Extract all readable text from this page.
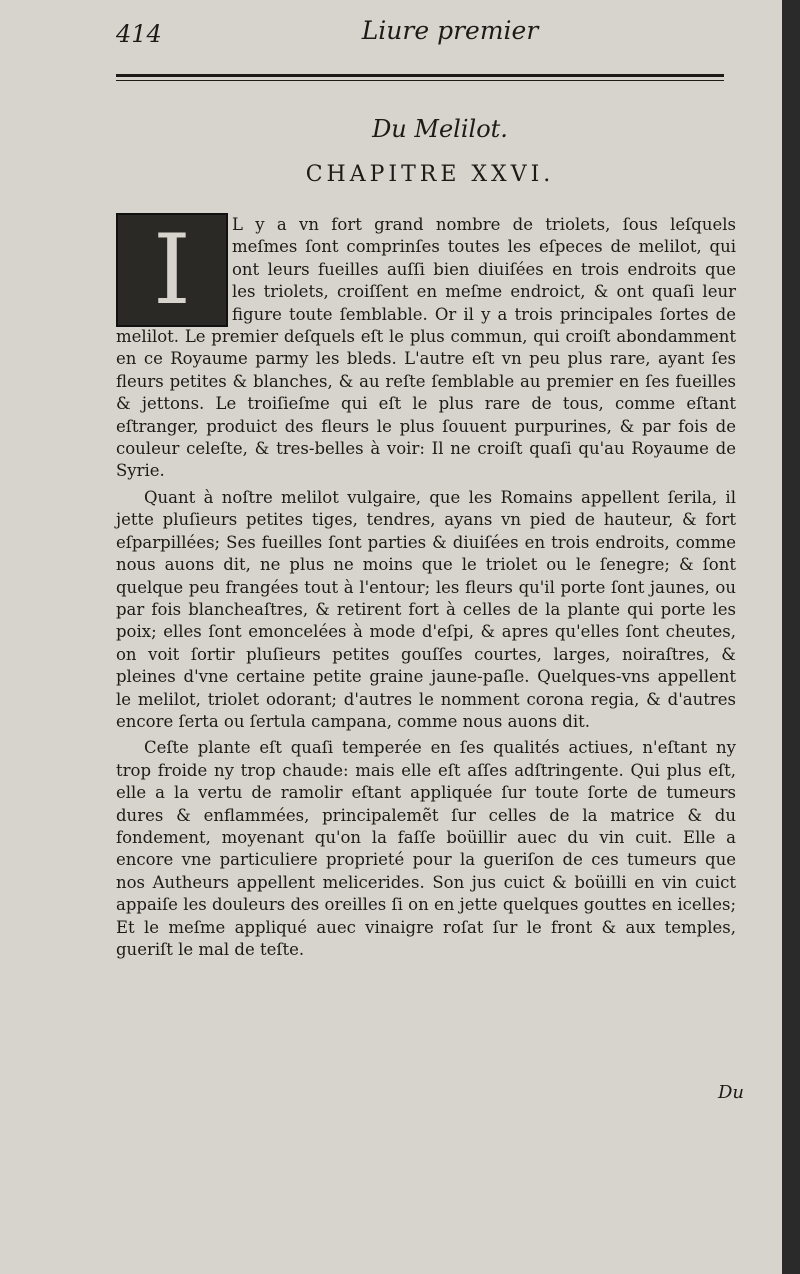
414	Liure premier
Du Melilot.
CHAPITRE XXVI.
I	L y a vn fort grand nombre de triolets, ſous leſquels meſmes ſont comprinſes toutes les eſpeces de melilot, qui ont leurs fueilles auſſi bien diuiſées en trois endroits que les triolets, croiſſent en meſme endroict, & ont quaſi leur figure toute ſemblable. Or il y a trois principales ſortes de melilot. Le premier deſquels eſt le plus commun, qui croiſt abondamment en ce Royaume parmy les bleds. L'autre eſt vn peu plus rare, ayant ſes fleurs petites & blanches, & au reſte ſemblable au premier en ſes fueilles & jettons. Le troiſieſme qui eſt le plus rare de tous, comme eſtant eſtranger, produict des fleurs le plus ſouuent purpurines, & par fois de couleur celeſte, & tres-belles à voir: Il ne croiſt quaſi qu'au Royaume de Syrie.

Quant à noſtre melilot vulgaire, que les Romains appellent ſerila, il jette pluſieurs petites tiges, tendres, ayans vn pied de hauteur, & fort eſparpillées; Ses fueilles ſont parties & diuiſées en trois endroits, comme nous auons dit, ne plus ne moins que le triolet ou le ſenegre; & ſont quelque peu frangées tout à l'entour; les fleurs qu'il porte ſont jaunes, ou par fois blancheaſtres, & retirent fort à celles de la plante qui porte les poix; elles ſont emoncelées à mode d'eſpi, & apres qu'elles ſont cheutes, on voit ſortir pluſieurs petites gouſſes courtes, larges, noiraſtres, & pleines d'vne certaine petite graine jaune-paſle. Quelques-vns appellent le melilot, triolet odorant; d'autres le nomment corona regia, & d'autres encore ſerta ou ſertula campana, comme nous auons dit.

Ceſte plante eſt quaſi temperée en ſes qualités actiues, n'eſtant ny trop froide ny trop chaude: mais elle eſt aſſes adſtringente. Qui plus eſt, elle a la vertu de ramolir eſtant appliquée ſur toute ſorte de tumeurs dures & enflammées, principalemẽt ſur celles de la matrice & du fondement, moyenant qu'on la faſſe boüillir auec du vin cuit. Elle a encore vne particuliere proprieté pour la gueriſon de ces tumeurs que nos Autheurs appellent melicerides. Son jus cuict & boüilli en vin cuict appaiſe les douleurs des oreilles ſi on en jette quelques gouttes en icelles; Et le meſme appliqué auec vinaigre roſat ſur le front & aux temples, gueriſt le mal de teſte.

Du
